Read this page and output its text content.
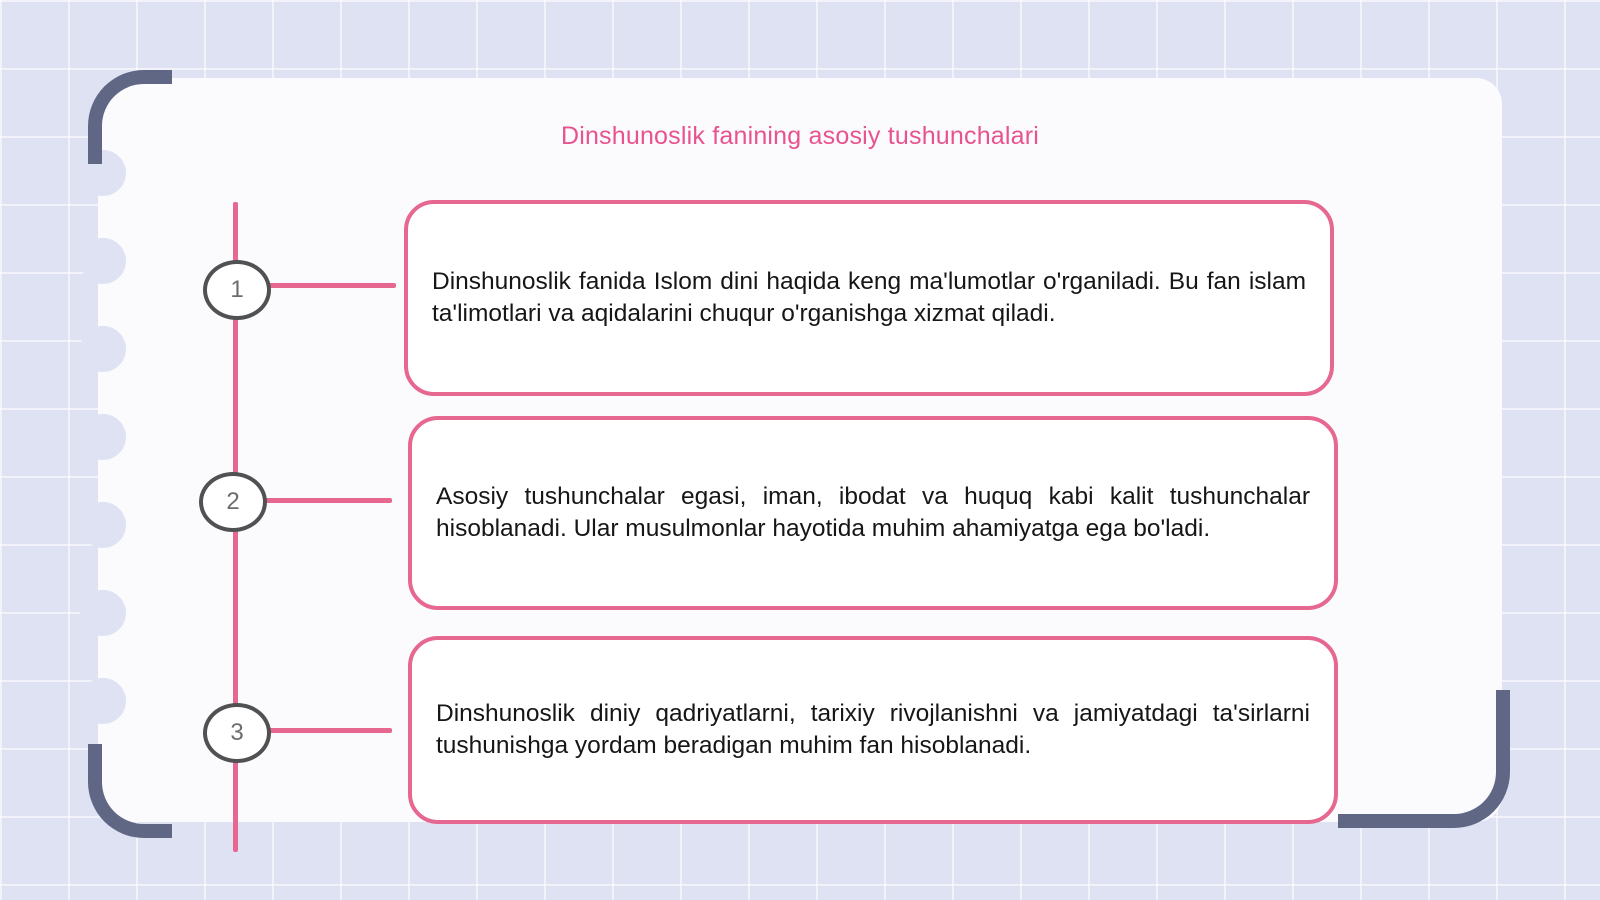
Dinshunoslik fanining asosiy tushunchalari
1
2
3

Dinshunoslik fanida Islom dini haqida keng ma'lumotlar o'rganiladi. Bu fan islam ta'limotlari va aqidalarini chuqur o'rganishga xizmat qiladi.

Asosiy tushunchalar egasi, iman, ibodat va huquq kabi kalit tushunchalar hisoblanadi. Ular musulmonlar hayotida muhim ahamiyatga ega bo'ladi.

Dinshunoslik diniy qadriyatlarni, tarixiy rivojlanishni va jamiyatdagi ta'sirlarni tushunishga yordam beradigan muhim fan hisoblanadi.
